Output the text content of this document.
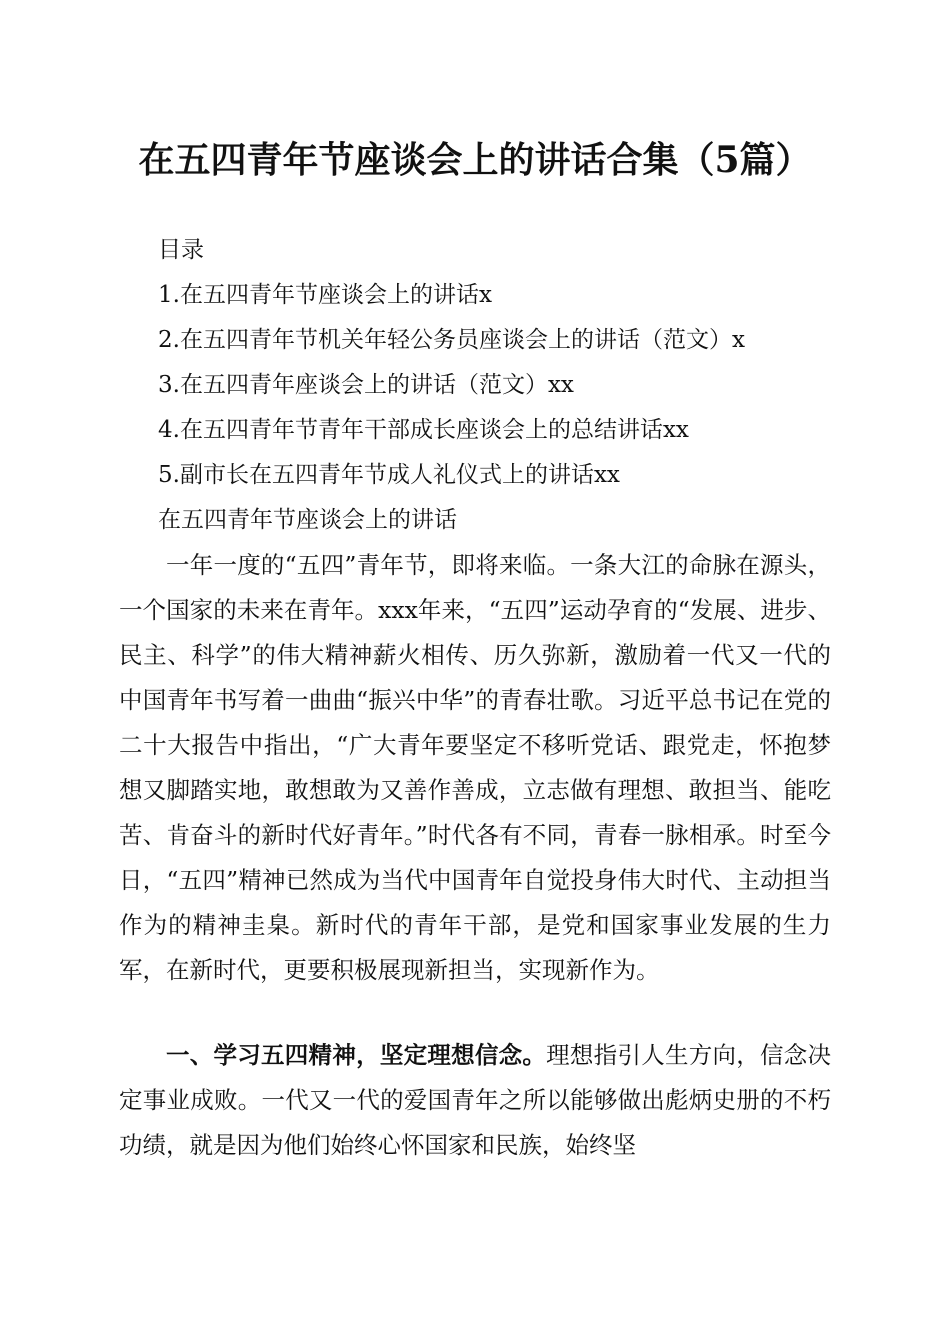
在五四青年节座谈会上的讲话合集（5篇）
目录
1.在五四青年节座谈会上的讲话x
2.在五四青年节机关年轻公务员座谈会上的讲话（范文）x
3.在五四青年座谈会上的讲话（范文）xx
4.在五四青年节青年干部成长座谈会上的总结讲话xx
5.副市长在五四青年节成人礼仪式上的讲话xx
在五四青年节座谈会上的讲话

一年一度的“五四”青年节，即将来临。一条大江的命脉在源头，一个国家的未来在青年。xxx年来，“五四”运动孕育的“发展、进步、民主、科学”的伟大精神薪火相传、历久弥新，激励着一代又一代的中国青年书写着一曲曲“振兴中华”的青春壮歌。习近平总书记在党的二十大报告中指出，“广大青年要坚定不移听党话、跟党走，怀抱梦想又脚踏实地，敢想敢为又善作善成，立志做有理想、敢担当、能吃苦、肯奋斗的新时代好青年。”时代各有不同，青春一脉相承。时至今日，“五四”精神已然成为当代中国青年自觉投身伟大时代、主动担当作为的精神圭臬。新时代的青年干部，是党和国家事业发展的生力军，在新时代，更要积极展现新担当，实现新作为。

一、学习五四精神，坚定理想信念。理想指引人生方向，信念决定事业成败。一代又一代的爱国青年之所以能够做出彪炳史册的不朽功绩，就是因为他们始终心怀国家和民族，始终坚
